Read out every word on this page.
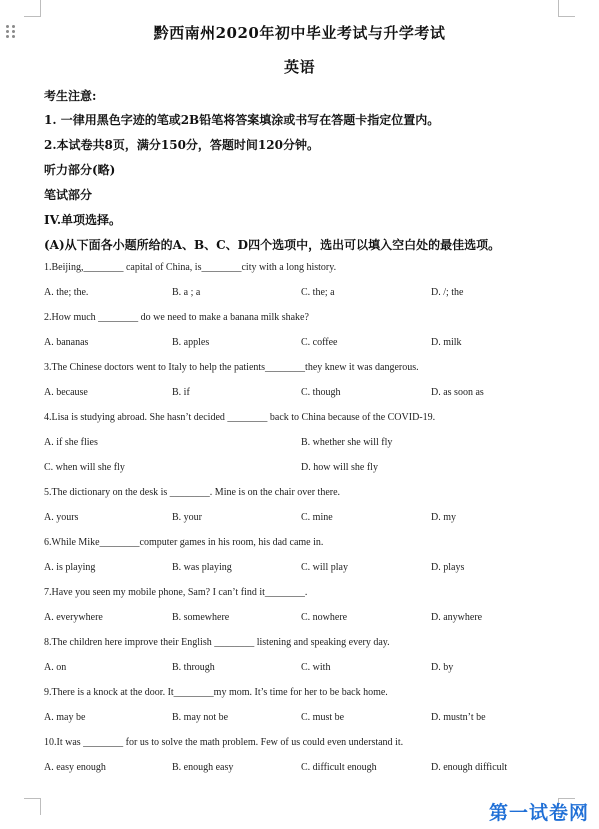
黔西南州2020年初中毕业考试与升学考试
英语
考生注意:
1. 一律用黑色字迹的笔或2B铅笔将答案填涂或书写在答题卡指定位置内。
2.本试卷共8页，满分150分，答题时间120分钟。
听力部分(略)
笔试部分
IV.单项选择。
(A)从下面各小题所给的A、B、C、D四个选项中，选出可以填入空白处的最佳选项。
1.Beijing,________ capital of China, is________city with a long history.
A. the; the.	B. a ; a	C. the; a	D. /; the
2.How much ________ do we need to make a banana milk shake?
A. bananas	B. apples	C. coffee	D. milk
3.The Chinese doctors went to Italy to help the patients________they knew it was dangerous.
A. because	B. if	C. though	D. as soon as
4.Lisa is studying abroad. She hasn’t decided ________ back to China because of the COVID-19.
A. if she flies	B. whether she will fly
C. when will she fly	D. how will she fly
5.The dictionary on the desk is ________. Mine is on the chair over there.
A. yours	B. your	C. mine	D. my
6.While Mike________computer games in his room, his dad came in.
A. is playing	B. was playing	C. will play	D. plays
7.Have you seen my mobile phone, Sam? I can’t find it________.
A. everywhere	B. somewhere	C. nowhere	D. anywhere
8.The children here improve their English ________ listening and speaking every day.
A. on	B. through	C. with	D. by
9.There is a knock at the door. It________my mom. It’s time for her to be back home.
A. may be	B. may not be	C. must be	D. mustn’t be
10.It was ________ for us to solve the math problem. Few of us could even understand it.
A. easy enough	B. enough easy	C. difficult enough	D. enough difficult
第一试卷网
